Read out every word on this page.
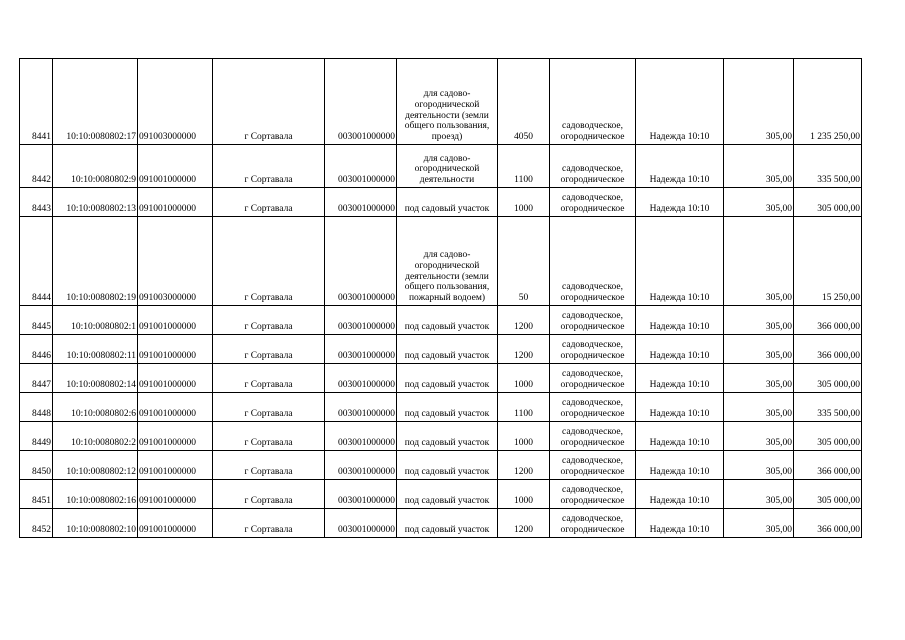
8441	10:10:0080802:17	091003000000	г Сортавала	003001000000	для садово-огороднической деятельности (земли общего пользования, проезд)	4050	садоводческое, огородническое	Надежда 10:10	305,00	1 235 250,00
8442	10:10:0080802:9	091001000000	г Сортавала	003001000000	для садово-огороднической деятельности	1100	садоводческое, огородническое	Надежда 10:10	305,00	335 500,00
8443	10:10:0080802:13	091001000000	г Сортавала	003001000000	под садовый участок	1000	садоводческое, огородническое	Надежда 10:10	305,00	305 000,00
8444	10:10:0080802:19	091003000000	г Сортавала	003001000000	для садово-огороднической деятельности (земли общего пользования, пожарный водоем)	50	садоводческое, огородническое	Надежда 10:10	305,00	15 250,00
8445	10:10:0080802:1	091001000000	г Сортавала	003001000000	под садовый участок	1200	садоводческое, огородническое	Надежда 10:10	305,00	366 000,00
8446	10:10:0080802:11	091001000000	г Сортавала	003001000000	под садовый участок	1200	садоводческое, огородническое	Надежда 10:10	305,00	366 000,00
8447	10:10:0080802:14	091001000000	г Сортавала	003001000000	под садовый участок	1000	садоводческое, огородническое	Надежда 10:10	305,00	305 000,00
8448	10:10:0080802:6	091001000000	г Сортавала	003001000000	под садовый участок	1100	садоводческое, огородническое	Надежда 10:10	305,00	335 500,00
8449	10:10:0080802:2	091001000000	г Сортавала	003001000000	под садовый участок	1000	садоводческое, огородническое	Надежда 10:10	305,00	305 000,00
8450	10:10:0080802:12	091001000000	г Сортавала	003001000000	под садовый участок	1200	садоводческое, огородническое	Надежда 10:10	305,00	366 000,00
8451	10:10:0080802:16	091001000000	г Сортавала	003001000000	под садовый участок	1000	садоводческое, огородническое	Надежда 10:10	305,00	305 000,00
8452	10:10:0080802:10	091001000000	г Сортавала	003001000000	под садовый участок	1200	садоводческое, огородническое	Надежда 10:10	305,00	366 000,00
